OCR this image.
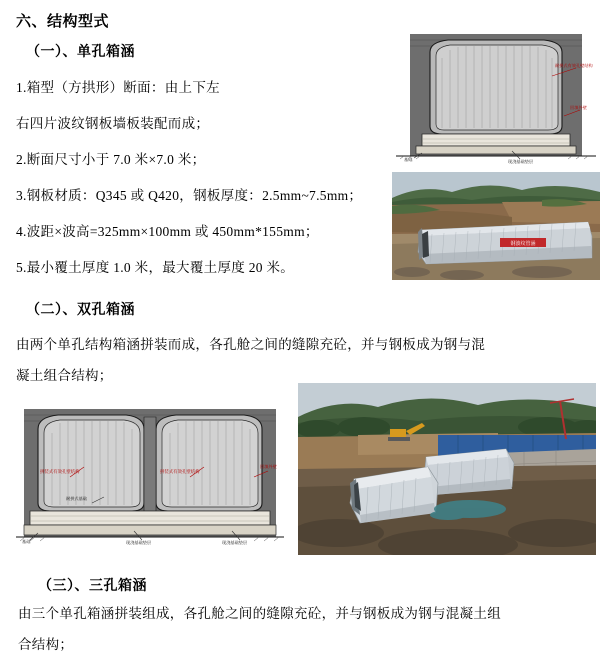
六、结构型式
（一）、单孔箱涵

1.箱型（方拱形）断面：由上下左

右四片波纹钢板墙板装配而成；

2.断面尺寸小于 7.0 米×7.0 米；

3.钢板材质：Q345 或 Q420，钢板厚度：2.5mm~7.5mm；

4.波距×波高=325mm×100mm 或 450mm*155mm；

5.最小覆土厚度 1.0 米，最大覆土厚度 20 米。

（二）、双孔箱涵

由两个单孔结构箱涵拼装而成，各孔舱之间的缝隙充砼，并与钢板成为钢与混

凝土组合结构；

（三）、三孔箱涵

由三个单孔箱涵拼装组成，各孔舱之间的缝隙充砼，并与钢板成为钢与混凝土组

合结构；

耐拼式有效孔壁结构
回填外壁
基础	现浇基础垫层
钢波纹管涵
拼装式有效孔壁结构	拼装式有效孔壁结构
回填外壁
耐拼式基础
基础	现浇基础垫层	现浇基础垫层
